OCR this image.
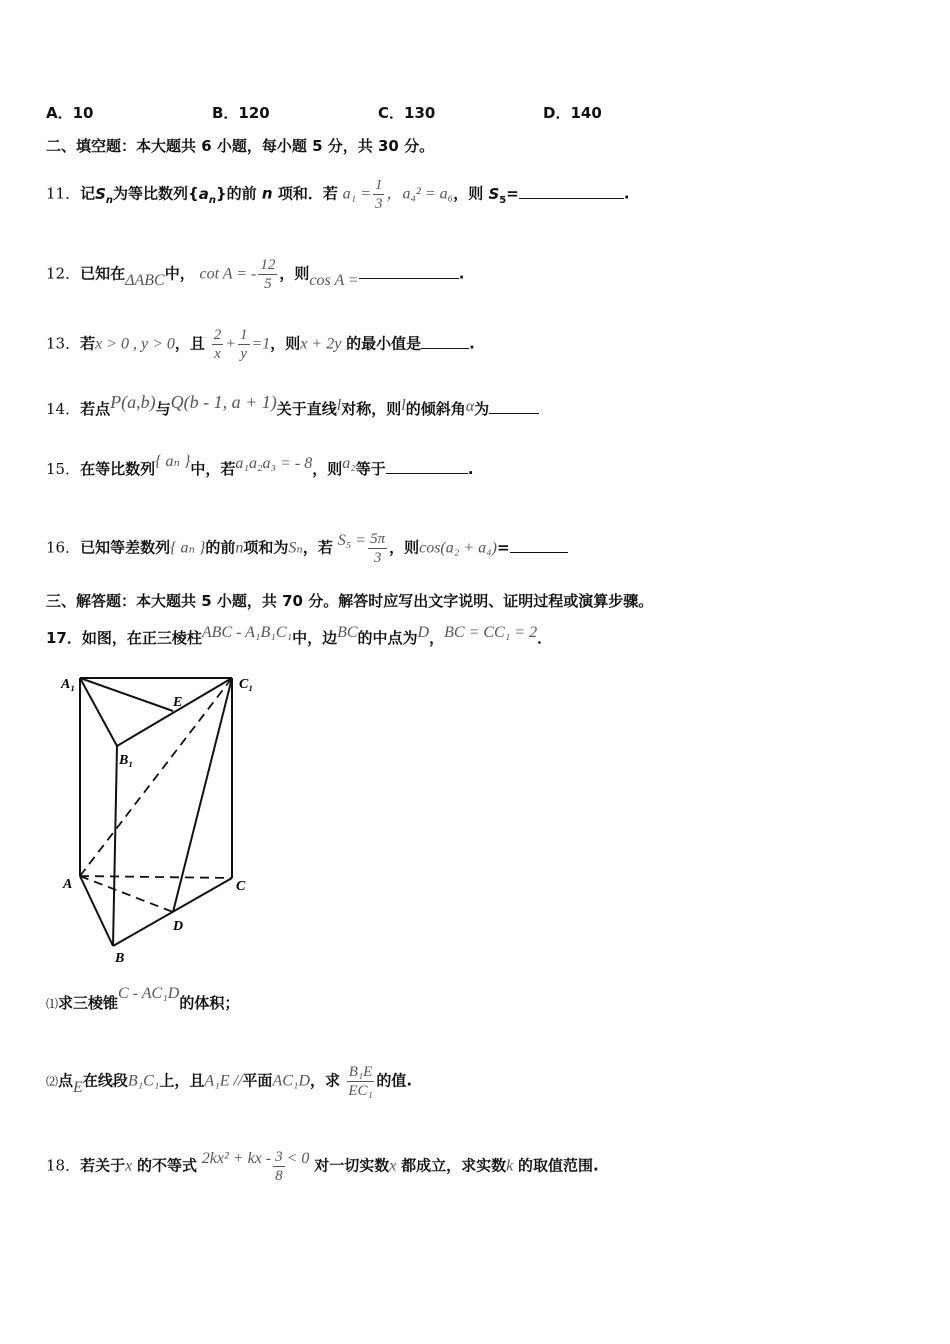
A．10	B．120	C．130	D．140
二、填空题：本大题共 6 小题，每小题 5 分，共 30 分。
11．记$S_n$为等比数列$\{a_n\}$的前 n 项和．若 $a_1 = \frac{1}{3}$ ，a₄² = a₆，则 $S_5=$	.
12．已知在ΔABC中， cot A = - $\frac{12}{5}$ ，则cos A =	.
13．若x > 0 , y > 0，且 $\frac{2}{x} + \frac{1}{y} =1$，则x + 2y 的最小值是	.
14．若点P(a,b)与Q(b - 1, a + 1)关于直线l对称，则l的倾斜角α为
15．在等比数列{ aₙ }中，若a₁a₂a₃ = - 8，则a₂等于	.
16．已知等差数列{ aₙ }的前n项和为Sₙ，若 $S_5 = \frac{5\pi}{3}$ ，则cos(a₂ + a₄)=
三、解答题：本大题共 5 小题，共 70 分。解答时应写出文字说明、证明过程或演算步骤。
17．如图，在正三棱柱ABC - A₁B₁C₁中，边BC的中点为D，BC = CC₁ = 2．
A₁	C₁
E
B₁
A	C
D
B
⑴求三棱锥C - AC₁D的体积；
⑵点E在线段B₁C₁上，且A₁E //平面AC₁D，求 $\frac{\text{B₁E}}{\text{EC₁}}$ 的值.
18．若关于x 的不等式 2kx² + kx - $\frac{3}{8} < 0$ 对一切实数x 都成立，求实数k 的取值范围.
